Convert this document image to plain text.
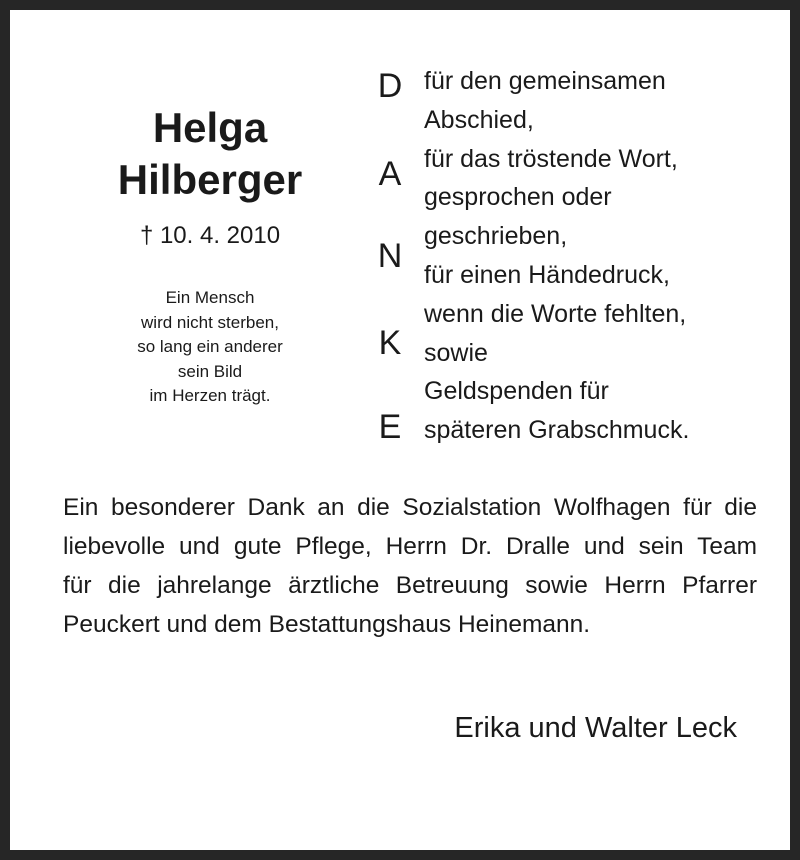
Helga
Hilberger
† 10. 4. 2010
Ein Mensch
wird nicht sterben,
so lang ein anderer
sein Bild
im Herzen trägt.
D
A
N
K
E
für den gemeinsamen
Abschied,
für das tröstende Wort,
gesprochen oder
geschrieben,
für einen Händedruck,
wenn die Worte fehlten,
sowie
Geldspenden für
späteren Grabschmuck.
Ein besonderer Dank an die Sozialstation Wolfhagen für die
liebevolle und gute Pflege, Herrn Dr. Dralle und sein Team
für die jahrelange ärztliche Betreuung sowie Herrn Pfarrer
Peuckert und dem Bestattungshaus Heinemann.
Erika und Walter Leck
